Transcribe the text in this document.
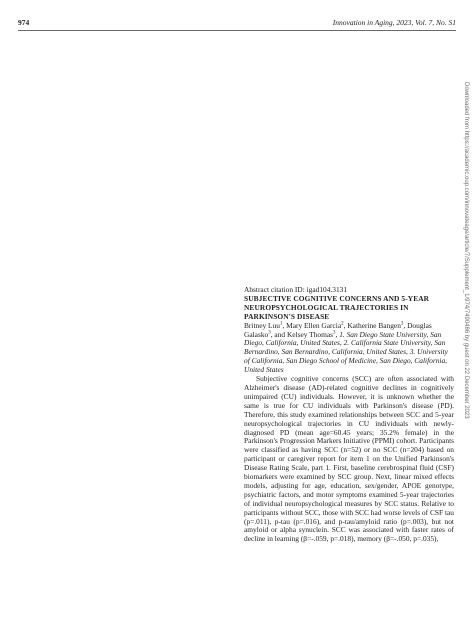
974	Innovation in Aging, 2023, Vol. 7, No. S1

Abstract citation ID: igad104.3131

SUBJECTIVE COGNITIVE CONCERNS AND 5-YEAR NEUROPSYCHOLOGICAL TRAJECTORIES IN PARKINSON'S DISEASE

Britney Luu$^1$, Mary Ellen Garcia$^2$, Katherine Bangen$^3$, Douglas Galasko$^3$, and Kelsey Thomas$^3$, 1. San Diego State University, San Diego, California, United States, 2. California State University, San Bernardino, San Bernardino, California, United States, 3. University of California, San Diego School of Medicine, San Diego, California, United States

Subjective cognitive concerns (SCC) are often associated with Alzheimer's disease (AD)-related cognitive declines in cognitively unimpaired (CU) individuals. However, it is unknown whether the same is true for CU individuals with Parkinson's disease (PD). Therefore, this study examined relationships between SCC and 5-year neuropsychological trajectories in CU individuals with newly-diagnosed PD (mean age=60.45 years; 35.2% female) in the Parkinson's Progression Markers Initiative (PPMI) cohort. Participants were classified as having SCC (n=52) or no SCC (n=204) based on participant or caregiver report for item 1 on the Unified Parkinson's Disease Rating Scale, part 1. First, baseline cerebrospinal fluid (CSF) biomarkers were examined by SCC group. Next, linear mixed effects models, adjusting for age, education, sex/gender, APOE genotype, psychiatric factors, and motor symptoms examined 5-year trajectories of individual neuropsychological measures by SCC status. Relative to participants without SCC, those with SCC had worse levels of CSF tau (p=.011), p-tau (p=.016), and p-tau/amyloid ratio (p=.003), but not amyloid or alpha synuclein. SCC was associated with faster rates of decline in learning (β=-.059, p=.018), memory (β=-.050, p=.035),

Downloaded from https://academic.oup.com/innovateage/article/7/Supplement_1/974/7490486 by guest on 22 December 2023
